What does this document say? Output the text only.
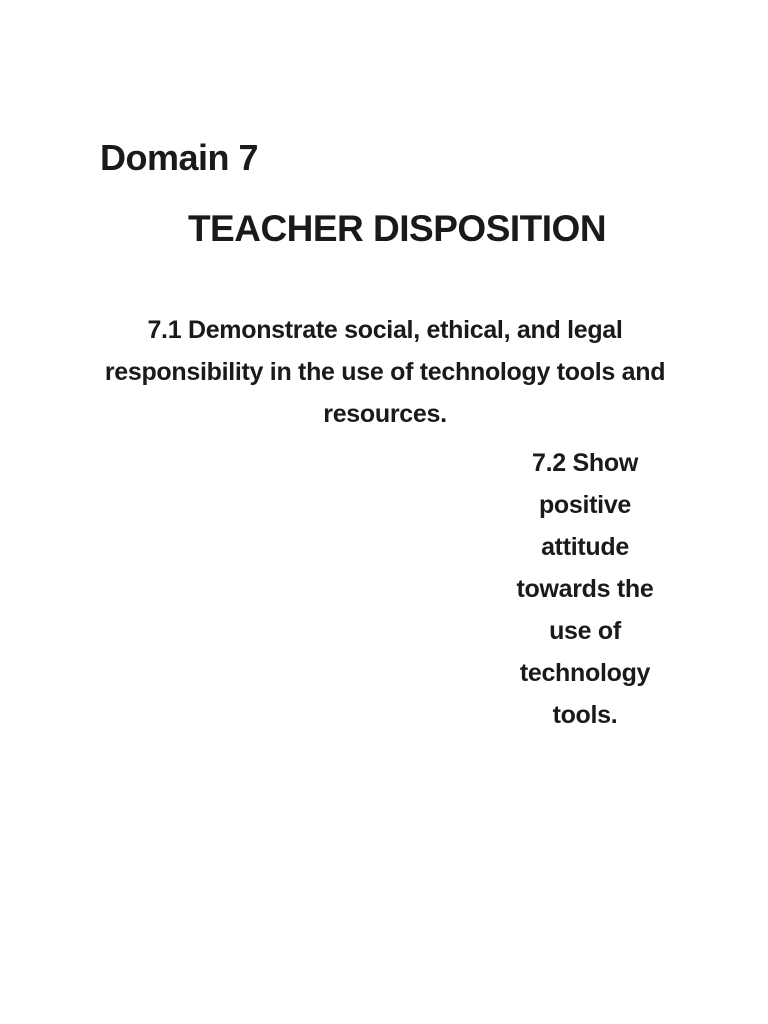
Domain 7
TEACHER DISPOSITION

7.1 Demonstrate social, ethical, and legal responsibility in the use of technology tools and resources.

7.2 Show positive attitude towards the use of technology tools.
